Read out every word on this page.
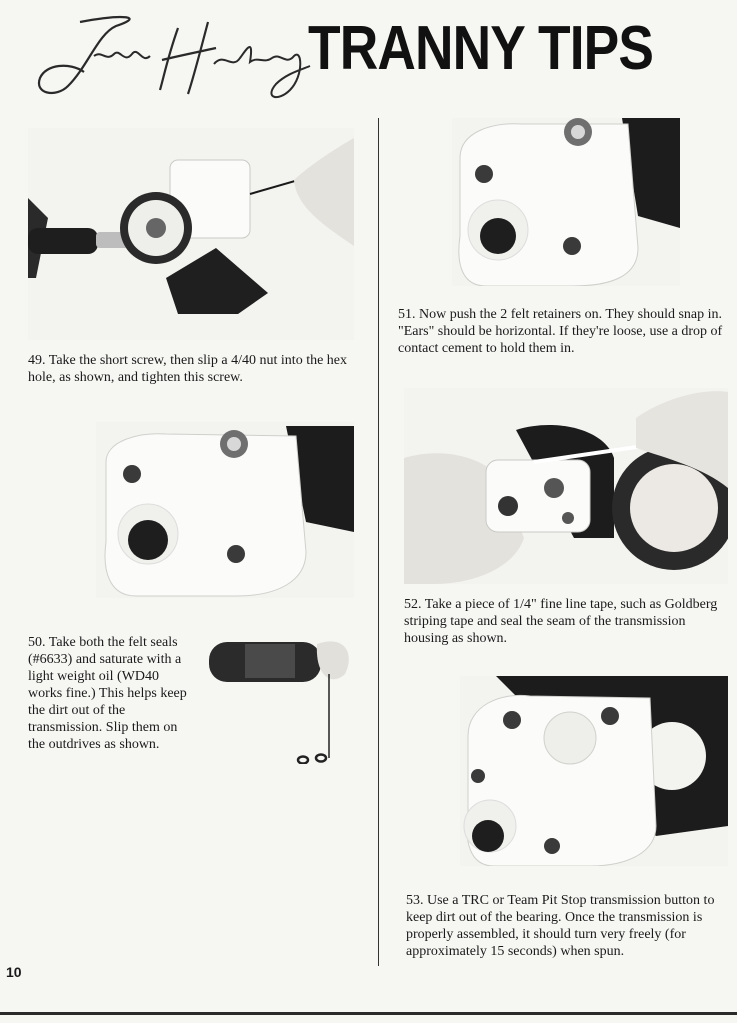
TRANNY TIPS

49. Take the short screw, then slip a 4/40 nut into the hex hole, as shown, and tighten this screw.

50. Take both the felt seals (#6633) and saturate with a light weight oil (WD40 works fine.) This helps keep the dirt out of the transmission. Slip them on the outdrives as shown.

51. Now push the 2 felt retainers on. They should snap in. "Ears" should be horizontal. If they're loose, use a drop of contact cement to hold them in.

52. Take a piece of 1/4" fine line tape, such as Goldberg striping tape and seal the seam of the transmission housing as shown.

53. Use a TRC or Team Pit Stop transmission button to keep dirt out of the bearing. Once the transmission is properly assembled, it should turn very freely (for approximately 15 seconds) when spun.

10
